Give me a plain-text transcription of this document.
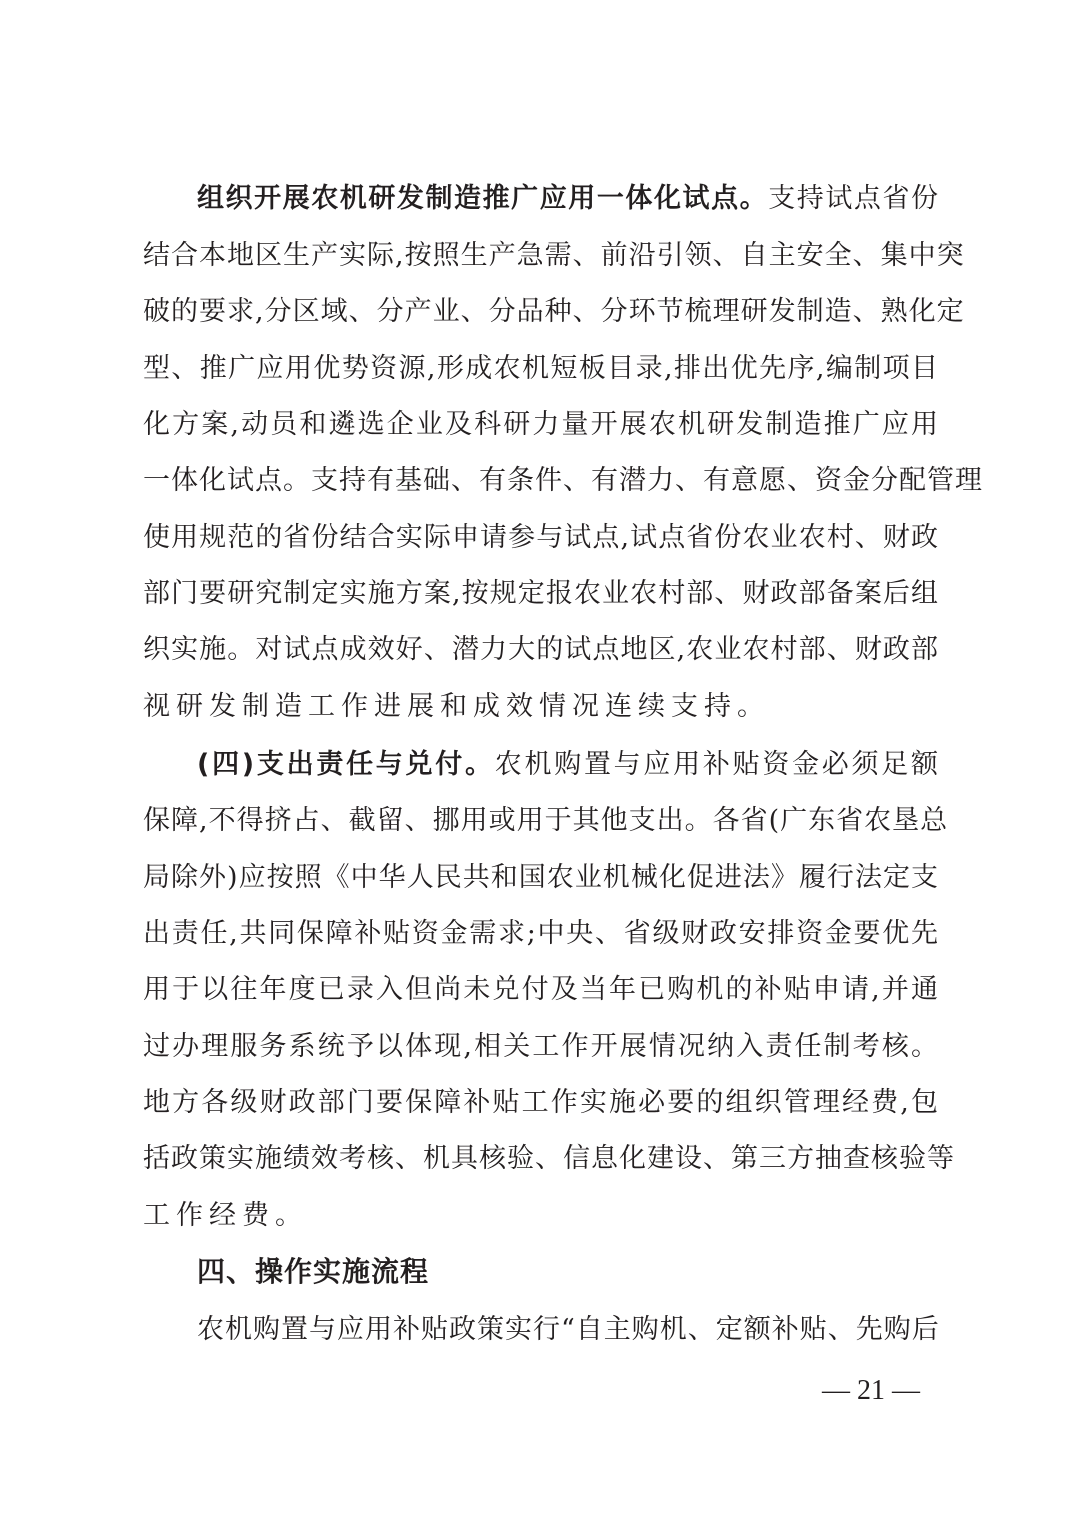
组织开展农机研发制造推广应用一体化试点。支持试点省份
结合本地区生产实际,按照生产急需、前沿引领、自主安全、集中突
破的要求,分区域、分产业、分品种、分环节梳理研发制造、熟化定
型、推广应用优势资源,形成农机短板目录,排出优先序,编制项目
化方案,动员和遴选企业及科研力量开展农机研发制造推广应用
一体化试点。支持有基础、有条件、有潜力、有意愿、资金分配管理
使用规范的省份结合实际申请参与试点,试点省份农业农村、财政
部门要研究制定实施方案,按规定报农业农村部、财政部备案后组
织实施。对试点成效好、潜力大的试点地区,农业农村部、财政部
视研发制造工作进展和成效情况连续支持。
(四)支出责任与兑付。农机购置与应用补贴资金必须足额
保障,不得挤占、截留、挪用或用于其他支出。各省(广东省农垦总
局除外)应按照《中华人民共和国农业机械化促进法》履行法定支
出责任,共同保障补贴资金需求;中央、省级财政安排资金要优先
用于以往年度已录入但尚未兑付及当年已购机的补贴申请,并通
过办理服务系统予以体现,相关工作开展情况纳入责任制考核。
地方各级财政部门要保障补贴工作实施必要的组织管理经费,包
括政策实施绩效考核、机具核验、信息化建设、第三方抽查核验等
工作经费。
四、操作实施流程
农机购置与应用补贴政策实行“自主购机、定额补贴、先购后
— 21 —
